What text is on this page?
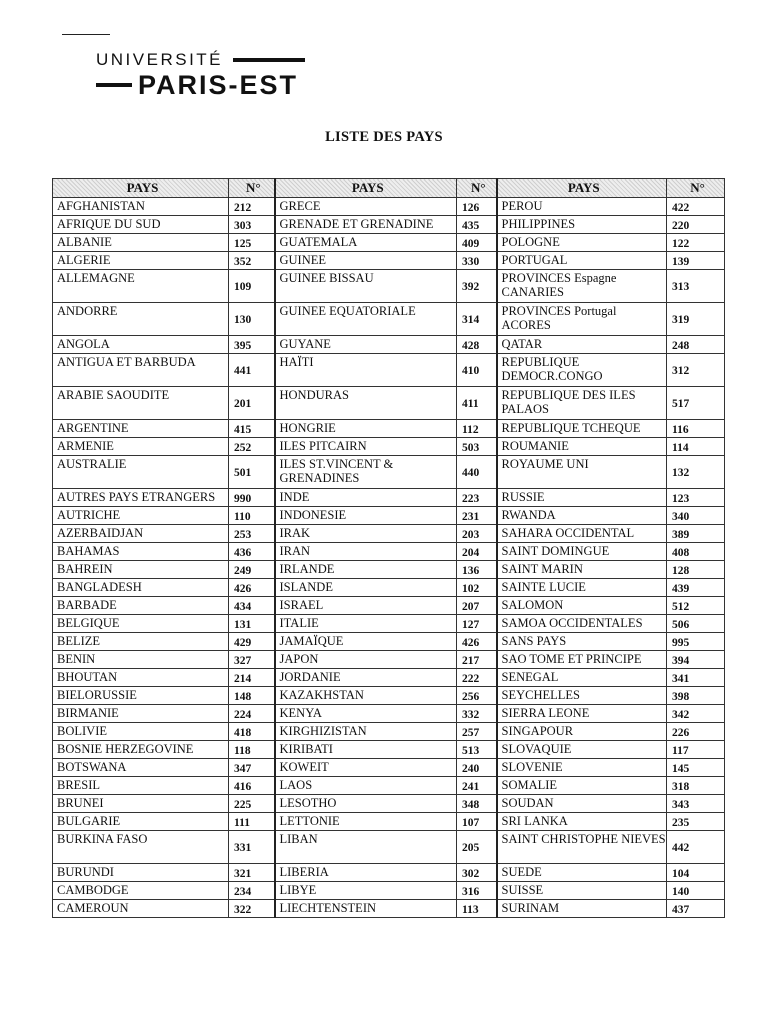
UNIVERSITÉ
PARIS-EST
LISTE DES PAYS
PAYS	N°	PAYS	N°	PAYS	N°
AFGHANISTAN	212	GRECE	126	PEROU	422
AFRIQUE DU SUD	303	GRENADE ET GRENADINE	435	PHILIPPINES	220
ALBANIE	125	GUATEMALA	409	POLOGNE	122
ALGERIE	352	GUINEE	330	PORTUGAL	139
ALLEMAGNE	109	GUINEE BISSAU	392	PROVINCES Espagne CANARIES	313
ANDORRE	130	GUINEE EQUATORIALE	314	PROVINCES Portugal ACORES	319
ANGOLA	395	GUYANE	428	QATAR	248
ANTIGUA ET BARBUDA	441	HAÏTI	410	REPUBLIQUE DEMOCR.CONGO	312
ARABIE SAOUDITE	201	HONDURAS	411	REPUBLIQUE DES ILES PALAOS	517
ARGENTINE	415	HONGRIE	112	REPUBLIQUE TCHEQUE	116
ARMENIE	252	ILES PITCAIRN	503	ROUMANIE	114
AUSTRALIE	501	ILES ST.VINCENT & GRENADINES	440	ROYAUME UNI	132
AUTRES PAYS ETRANGERS	990	INDE	223	RUSSIE	123
AUTRICHE	110	INDONESIE	231	RWANDA	340
AZERBAIDJAN	253	IRAK	203	SAHARA OCCIDENTAL	389
BAHAMAS	436	IRAN	204	SAINT DOMINGUE	408
BAHREIN	249	IRLANDE	136	SAINT MARIN	128
BANGLADESH	426	ISLANDE	102	SAINTE LUCIE	439
BARBADE	434	ISRAEL	207	SALOMON	512
BELGIQUE	131	ITALIE	127	SAMOA OCCIDENTALES	506
BELIZE	429	JAMAÏQUE	426	SANS PAYS	995
BENIN	327	JAPON	217	SAO TOME ET PRINCIPE	394
BHOUTAN	214	JORDANIE	222	SENEGAL	341
BIELORUSSIE	148	KAZAKHSTAN	256	SEYCHELLES	398
BIRMANIE	224	KENYA	332	SIERRA LEONE	342
BOLIVIE	418	KIRGHIZISTAN	257	SINGAPOUR	226
BOSNIE HERZEGOVINE	118	KIRIBATI	513	SLOVAQUIE	117
BOTSWANA	347	KOWEIT	240	SLOVENIE	145
BRESIL	416	LAOS	241	SOMALIE	318
BRUNEI	225	LESOTHO	348	SOUDAN	343
BULGARIE	111	LETTONIE	107	SRI LANKA	235
BURKINA FASO	331	LIBAN	205	SAINT CHRISTOPHE NIEVES	442
BURUNDI	321	LIBERIA	302	SUEDE	104
CAMBODGE	234	LIBYE	316	SUISSE	140
CAMEROUN	322	LIECHTENSTEIN	113	SURINAM	437
